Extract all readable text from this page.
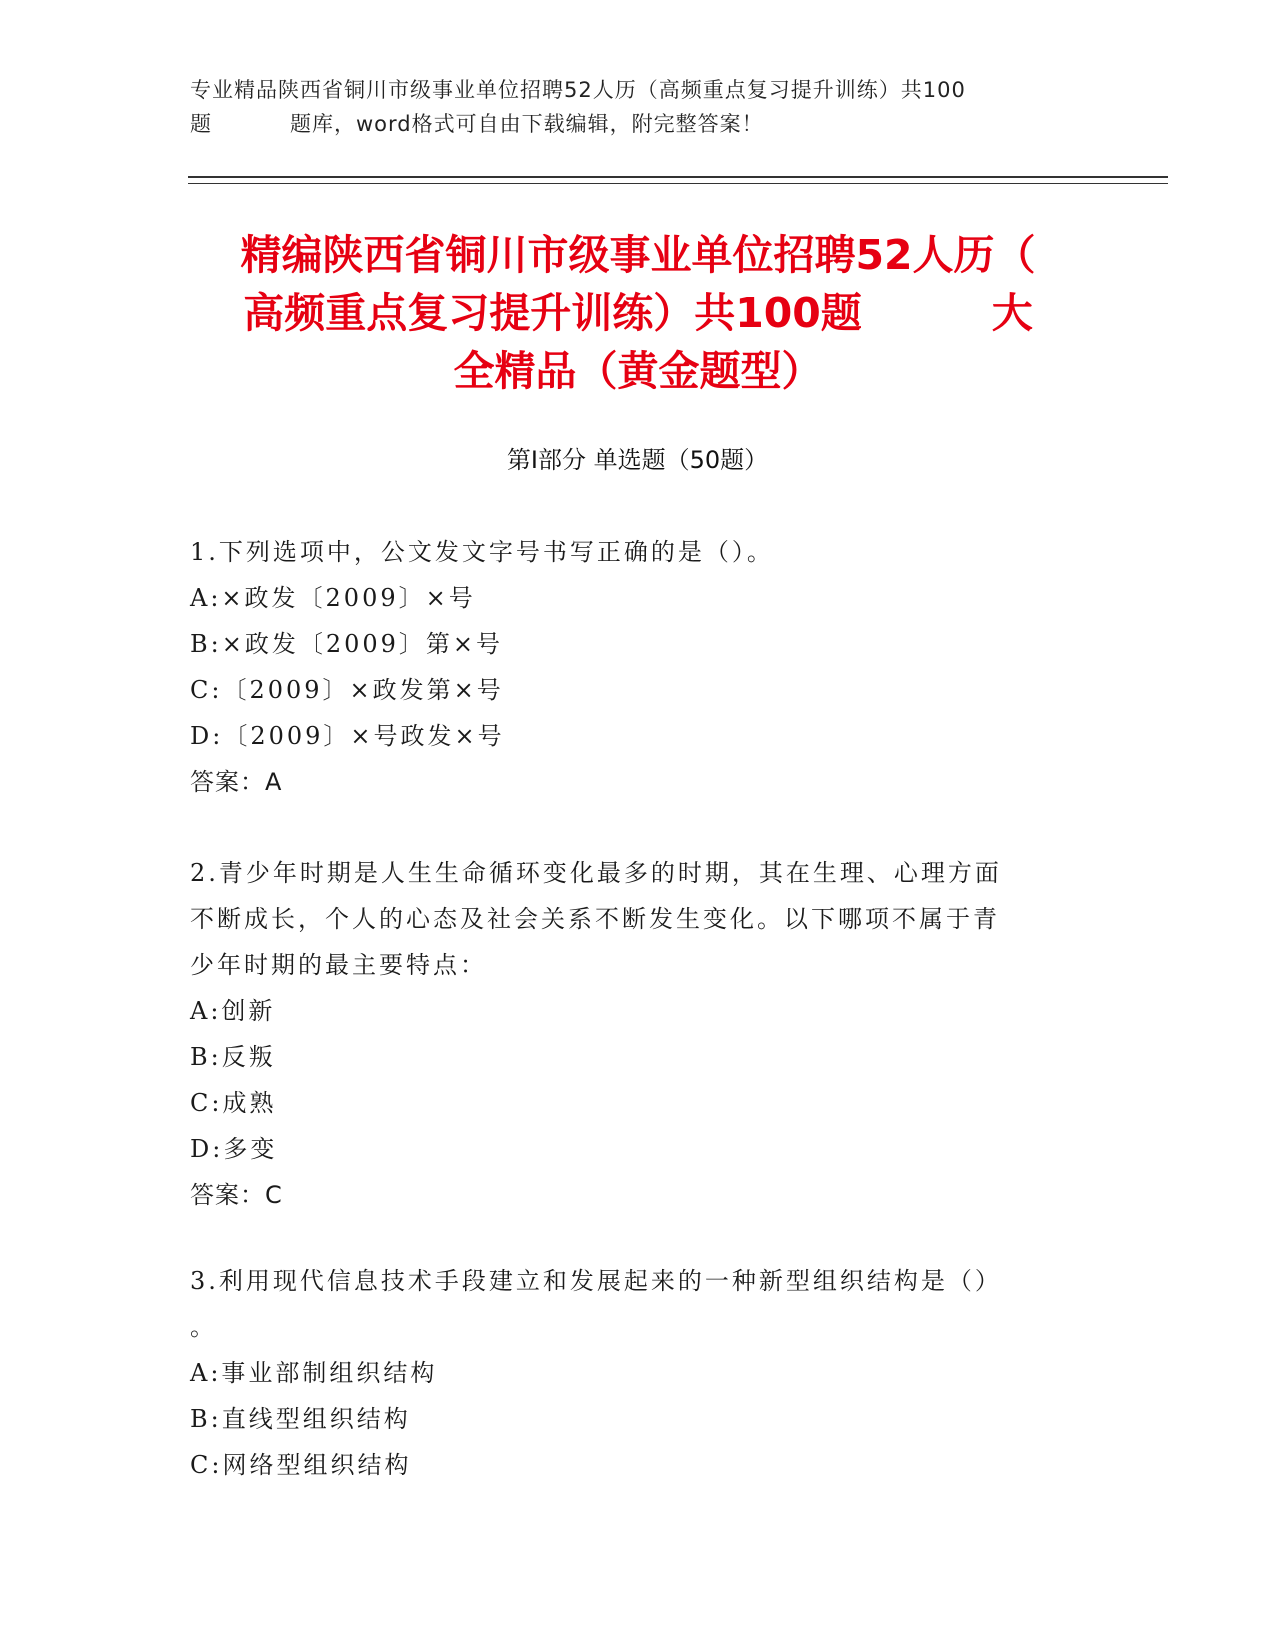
专业精品陕西省铜川市级事业单位招聘52人历（高频重点复习提升训练）共100
题	题库，word格式可自由下载编辑，附完整答案！
精编陕西省铜川市级事业单位招聘52人历（
高频重点复习提升训练）共100题	大
全精品（黄金题型）
第Ⅰ部分 单选题（50题）
1.下列选项中，公文发文字号书写正确的是（）。
A:×政发〔2009〕×号
B:×政发〔2009〕第×号
C:〔2009〕×政发第×号
D:〔2009〕×号政发×号
答案：A
2.青少年时期是人生生命循环变化最多的时期，其在生理、心理方面
不断成长，个人的心态及社会关系不断发生变化。以下哪项不属于青
少年时期的最主要特点：
A:创新
B:反叛
C:成熟
D:多变
答案：C
3.利用现代信息技术手段建立和发展起来的一种新型组织结构是（）
。
A:事业部制组织结构
B:直线型组织结构
C:网络型组织结构
